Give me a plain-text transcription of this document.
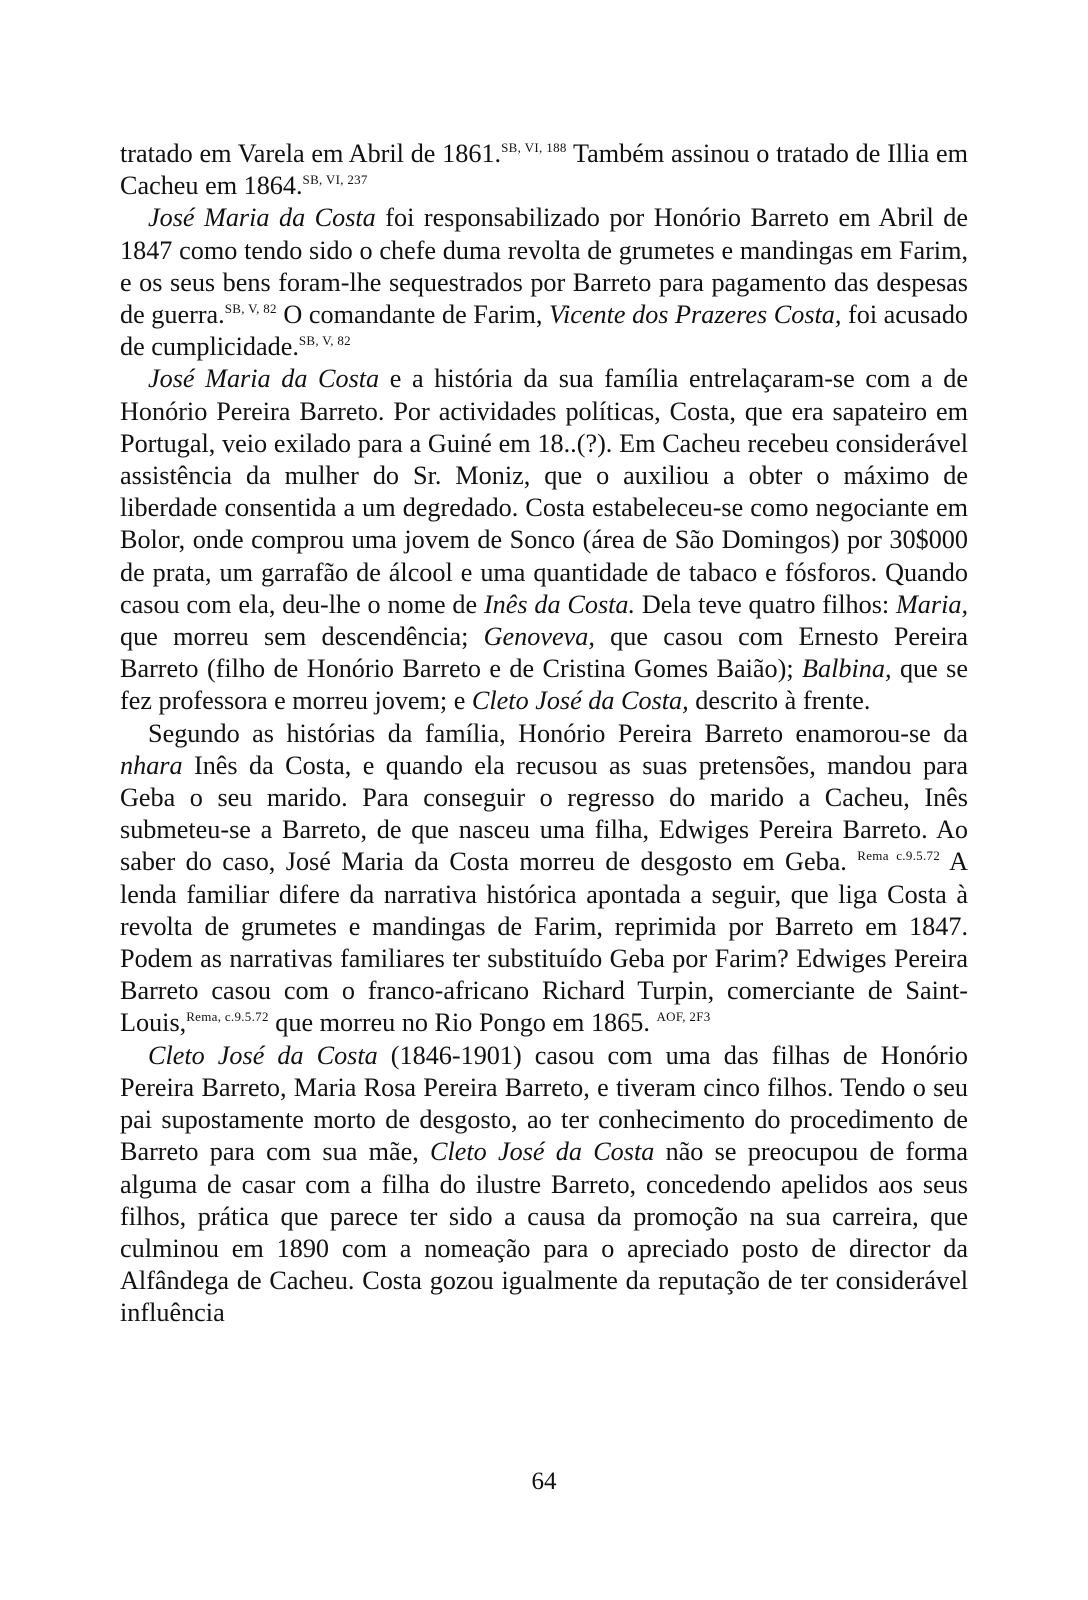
tratado em Varela em Abril de 1861.$^{SB, VI, 188}$ Também assinou o tratado de Illia em Cacheu em 1864.$^{SB, VI, 237}$

José Maria da Costa foi responsabilizado por Honório Barreto em Abril de 1847 como tendo sido o chefe duma revolta de grumetes e mandingas em Farim, e os seus bens foram-lhe sequestrados por Barreto para pagamento das despesas de guerra.$^{SB, V, 82}$ O comandante de Farim, Vicente dos Prazeres Costa, foi acusado de cumplicidade.$^{SB, V, 82}$

José Maria da Costa e a história da sua família entrelaçaram-se com a de Honório Pereira Barreto. Por actividades políticas, Costa, que era sapateiro em Portugal, veio exilado para a Guiné em 18..(?). Em Cacheu recebeu considerável assistência da mulher do Sr. Moniz, que o auxiliou a obter o máximo de liberdade consentida a um degredado. Costa estabeleceu-se como negociante em Bolor, onde comprou uma jovem de Sonco (área de São Domingos) por 30$000 de prata, um garrafão de álcool e uma quantidade de tabaco e fósforos. Quando casou com ela, deu-lhe o nome de Inês da Costa. Dela teve quatro filhos: Maria, que morreu sem descendência; Genoveva, que casou com Ernesto Pereira Barreto (filho de Honório Barreto e de Cristina Gomes Baião); Balbina, que se fez professora e morreu jovem; e Cleto José da Costa, descrito à frente.

Segundo as histórias da família, Honório Pereira Barreto enamorou-se da nhara Inês da Costa, e quando ela recusou as suas pretensões, mandou para Geba o seu marido. Para conseguir o regresso do marido a Cacheu, Inês submeteu-se a Barreto, de que nasceu uma filha, Edwiges Pereira Barreto. Ao saber do caso, José Maria da Costa morreu de desgosto em Geba. $^{Rema c.9.5.72}$ A lenda familiar difere da narrativa histórica apontada a seguir, que liga Costa à revolta de grumetes e mandingas de Farim, reprimida por Barreto em 1847. Podem as narrativas familiares ter substituído Geba por Farim? Edwiges Pereira Barreto casou com o franco-africano Richard Turpin, comerciante de Saint-Louis,$^{Rema, c.9.5.72}$ que morreu no Rio Pongo em 1865. $^{AOF, 2F3}$

Cleto José da Costa (1846-1901) casou com uma das filhas de Honório Pereira Barreto, Maria Rosa Pereira Barreto, e tiveram cinco filhos. Tendo o seu pai supostamente morto de desgosto, ao ter conhecimento do procedimento de Barreto para com sua mãe, Cleto José da Costa não se preocupou de forma alguma de casar com a filha do ilustre Barreto, concedendo apelidos aos seus filhos, prática que parece ter sido a causa da promoção na sua carreira, que culminou em 1890 com a nomeação para o apreciado posto de director da Alfândega de Cacheu. Costa gozou igualmente da reputação de ter considerável influência

64
